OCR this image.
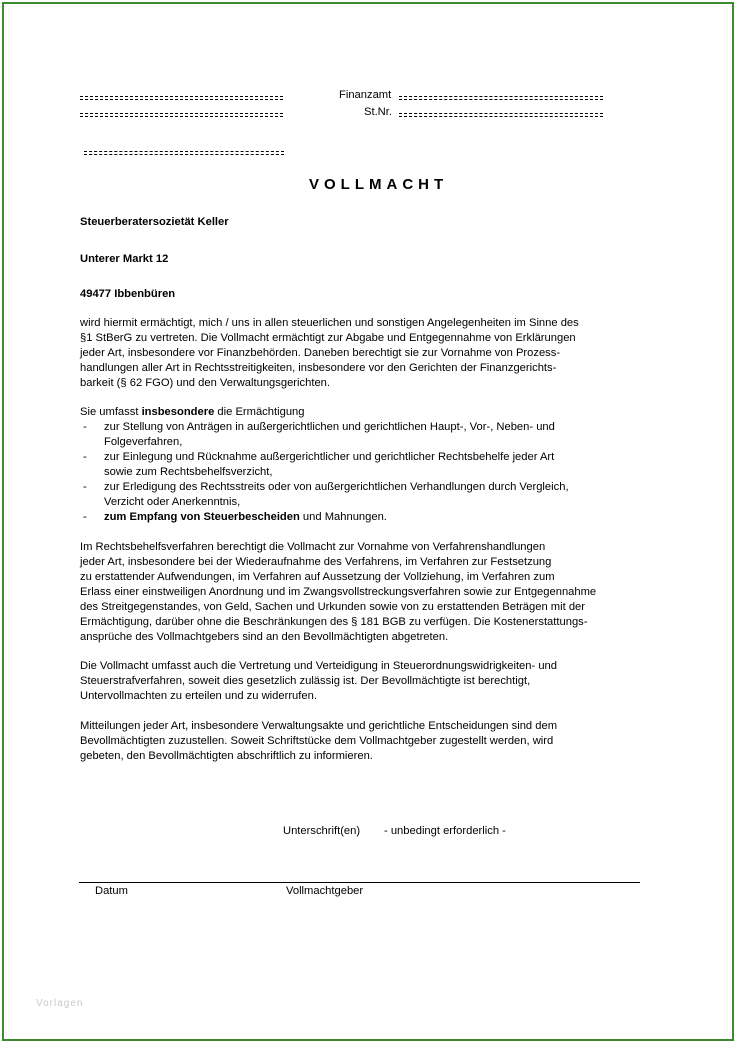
Finanzamt
St.Nr.
VOLLMACHT
Steuerberatersozietät Keller
Unterer Markt 12
49477 Ibbenbüren
wird hiermit ermächtigt, mich / uns in allen steuerlichen und sonstigen Angelegenheiten im Sinne des
§1 StBerG zu vertreten. Die Vollmacht ermächtigt zur Abgabe und Entgegennahme von Erklärungen
jeder Art, insbesondere vor Finanzbehörden. Daneben berechtigt sie zur Vornahme von Prozess-
handlungen aller Art in Rechtsstreitigkeiten, insbesondere vor den Gerichten der Finanzgerichts-
barkeit (§ 62 FGO) und den Verwaltungsgerichten.
Sie umfasst insbesondere die Ermächtigung
- zur Stellung von Anträgen in außergerichtlichen und gerichtlichen Haupt-, Vor-, Neben- und
Folgeverfahren,
- zur Einlegung und Rücknahme außergerichtlicher und gerichtlicher Rechtsbehelfe jeder Art
sowie zum Rechtsbehelfsverzicht,
- zur Erledigung des Rechtsstreits oder von außergerichtlichen Verhandlungen durch Vergleich,
Verzicht oder Anerkenntnis,
- zum Empfang von Steuerbescheiden und Mahnungen.
Im Rechtsbehelfsverfahren berechtigt die Vollmacht zur Vornahme von Verfahrenshandlungen
jeder Art, insbesondere bei der Wiederaufnahme des Verfahrens, im Verfahren zur Festsetzung
zu erstattender Aufwendungen, im Verfahren auf Aussetzung der Vollziehung, im Verfahren zum
Erlass einer einstweiligen Anordnung und im Zwangsvollstreckungsverfahren sowie zur Entgegennahme
des Streitgegenstandes, von Geld, Sachen und Urkunden sowie von zu erstattenden Beträgen mit der
Ermächtigung, darüber ohne die Beschränkungen des § 181 BGB zu verfügen. Die Kostenerstattungs-
ansprüche des Vollmachtgebers sind an den Bevollmächtigten abgetreten.
Die Vollmacht umfasst auch die Vertretung und Verteidigung in Steuerordnungswidrigkeiten- und
Steuerstrafverfahren, soweit dies gesetzlich zulässig ist. Der Bevollmächtigte ist berechtigt,
Untervollmachten zu erteilen und zu widerrufen.
Mitteilungen jeder Art, insbesondere Verwaltungsakte und gerichtliche Entscheidungen sind dem
Bevollmächtigten zuzustellen. Soweit Schriftstücke dem Vollmachtgeber zugestellt werden, wird
gebeten, den Bevollmächtigten abschriftlich zu informieren.
Unterschrift(en) - unbedingt erforderlich -
Datum	Vollmachtgeber
Vorlagen
